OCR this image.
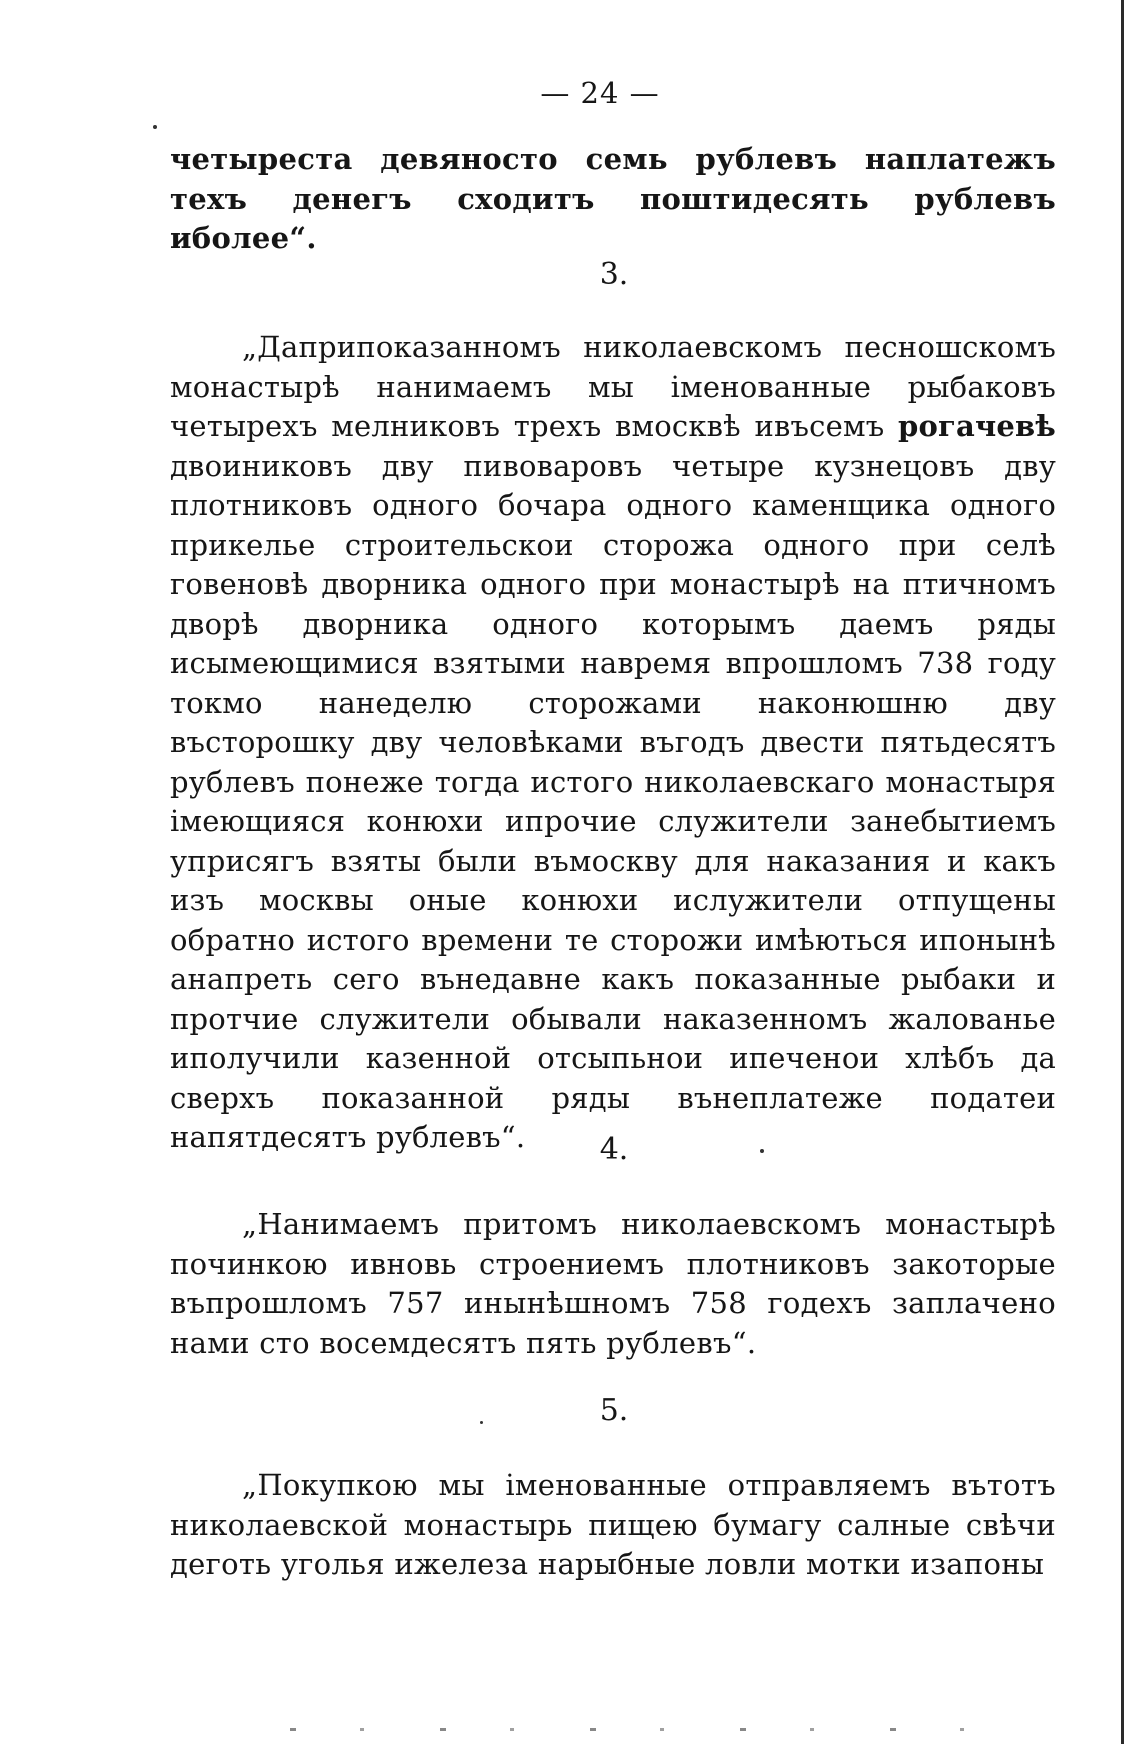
— 24 —

четыреста девяносто семь рублевъ наплатежъ техъ денегъ сходитъ поштидесять рублевъ иболее“.

3.

„Даприпоказанномъ николаевскомъ песношскомъ монастырѣ нанимаемъ мы іменованные рыбаковъ четырехъ мелниковъ трехъ вмосквѣ ивъсемъ рогачевѣ двоиниковъ дву пивоваровъ четыре кузнецовъ дву плотниковъ одного бочара одного каменщика одного прикелье строительскои сторожа одного при селѣ говеновѣ дворника одного при монастырѣ на птичномъ дворѣ дворника одного которымъ даемъ ряды исымеющимися взятыми навремя впрошломъ 738 году токмо нанеделю сторожами наконюшню дву въсторошку дву человѣками въгодъ двести пятьдесятъ рублевъ понеже тогда истого николаевскаго монастыря імеющияся конюхи ипрочие служители занебытиемъ уприсягъ взяты были въмоскву для наказания и какъ изъ москвы оные конюхи ислужители отпущены обратно истого времени те сторожи имѣються ипонынѣ анапреть сего вънедавне какъ показанные рыбаки и протчие служители обывали наказенномъ жалованье иполучили казенной отсыпьнои ипеченои хлѣбъ да сверхъ показанной ряды вънеплатеже податеи напятдесятъ рублевъ“.	4.

„Нанимаемъ притомъ николаевскомъ монастырѣ починкою ивновь строениемъ плотниковъ закоторые въпрошломъ 757 инынѣшномъ 758 годехъ заплачено нами сто восемдесятъ пять рублевъ“.

5.

„Покупкою мы іменованные отправляемъ вътотъ николаевской монастырь пищею бумагу салные свѣчи деготь уголья ижелеза нарыбные ловли мотки изапоны
